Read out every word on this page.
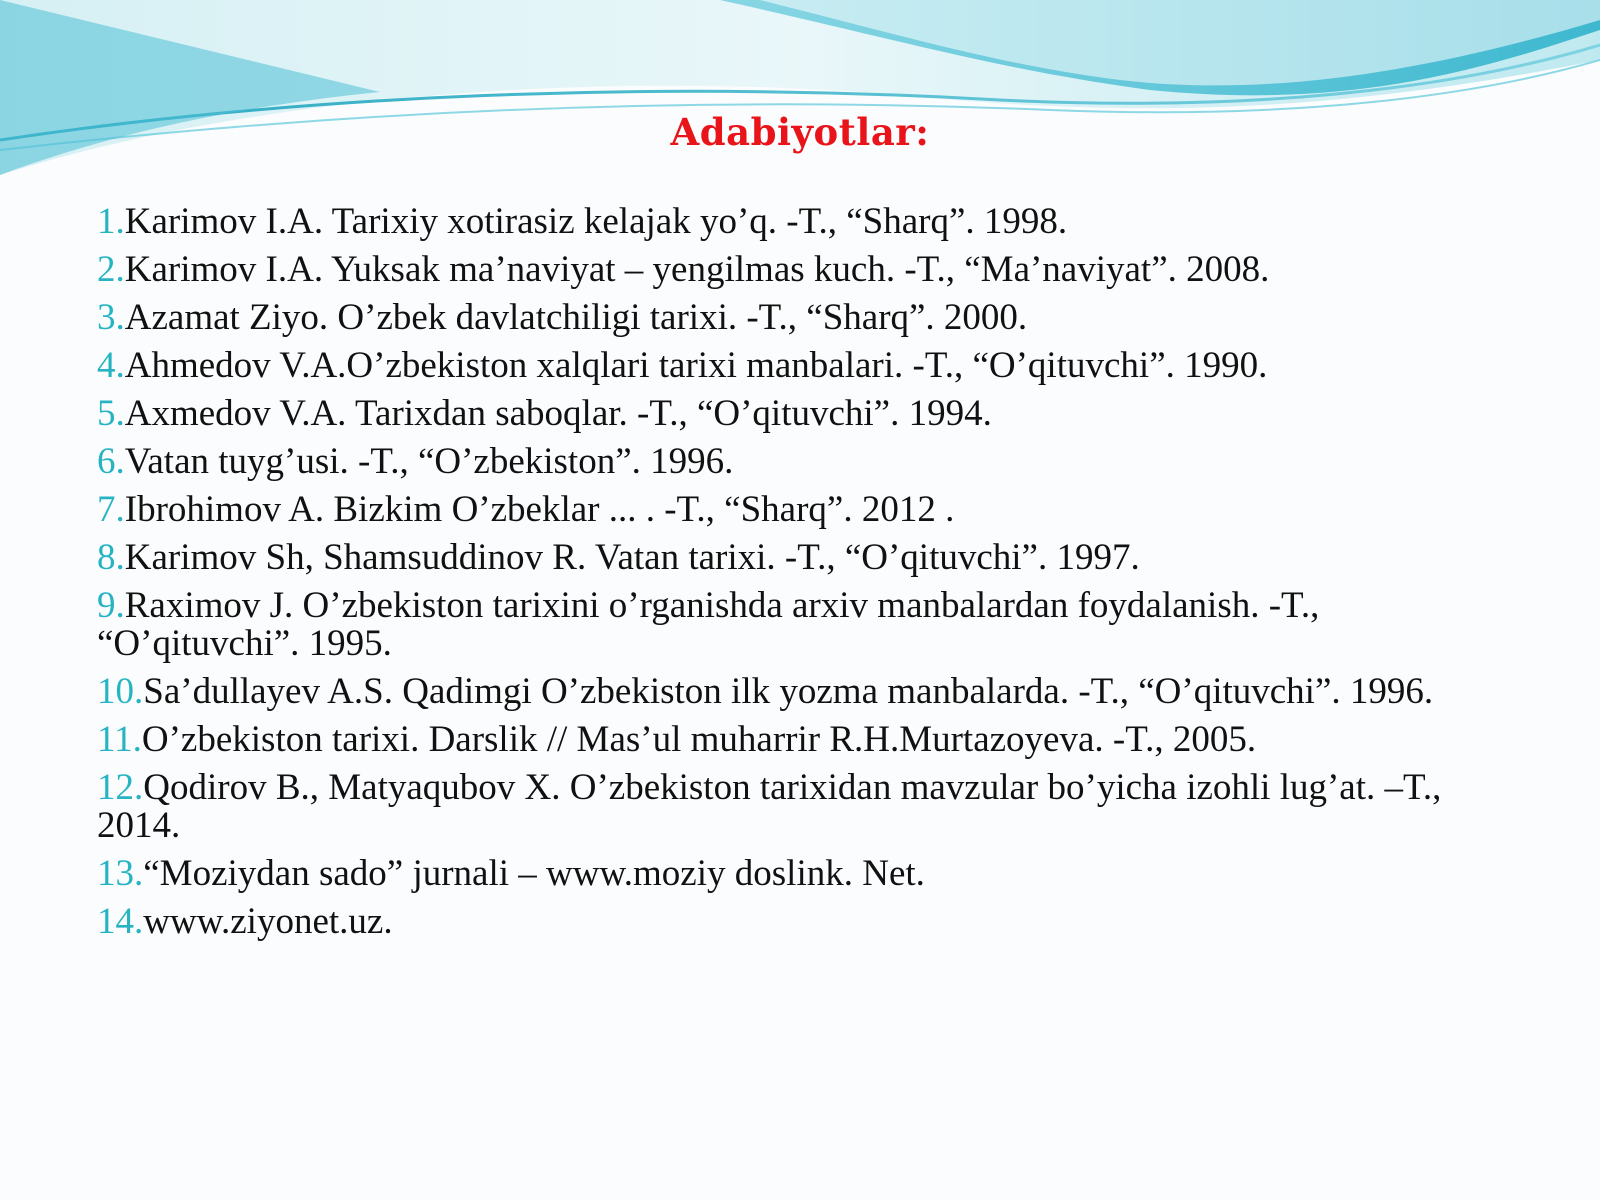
Adabiyotlar:
1.Karimov I.A. Tarixiy xotirasiz kelajak yo’q. -T., “Sharq”. 1998.
2.Karimov I.A. Yuksak ma’naviyat – yengilmas kuch. -T., “Ma’naviyat”. 2008.
3.Azamat Ziyo. O’zbek davlatchiligi tarixi. -T., “Sharq”. 2000.
4.Ahmedov V.A.O’zbekiston xalqlari tarixi manbalari. -T., “O’qituvchi”. 1990.
5.Axmedov V.A. Tarixdan saboqlar. -T., “O’qituvchi”. 1994.
6.Vatan tuyg’usi. -T., “O’zbekiston”. 1996.
7.Ibrohimov A. Bizkim O’zbeklar ... . -T., “Sharq”. 2012 .
8.Karimov Sh, Shamsuddinov R. Vatan tarixi. -T., “O’qituvchi”. 1997.
9.Raximov J. O’zbekiston tarixini o’rganishda arxiv manbalardan foydalanish. -T., “O’qituvchi”. 1995.
10.Sa’dullayev A.S. Qadimgi O’zbekiston ilk yozma manbalarda. -T., “O’qituvchi”. 1996.
11.O’zbekiston tarixi. Darslik // Mas’ul muharrir R.H.Murtazoyeva. -T., 2005.
12.Qodirov B., Matyaqubov X. O’zbekiston tarixidan mavzular bo’yicha izohli lug’at. –T., 2014.
13.“Moziydan sado” jurnali – www.moziy doslink. Net.
14.www.ziyonet.uz.
